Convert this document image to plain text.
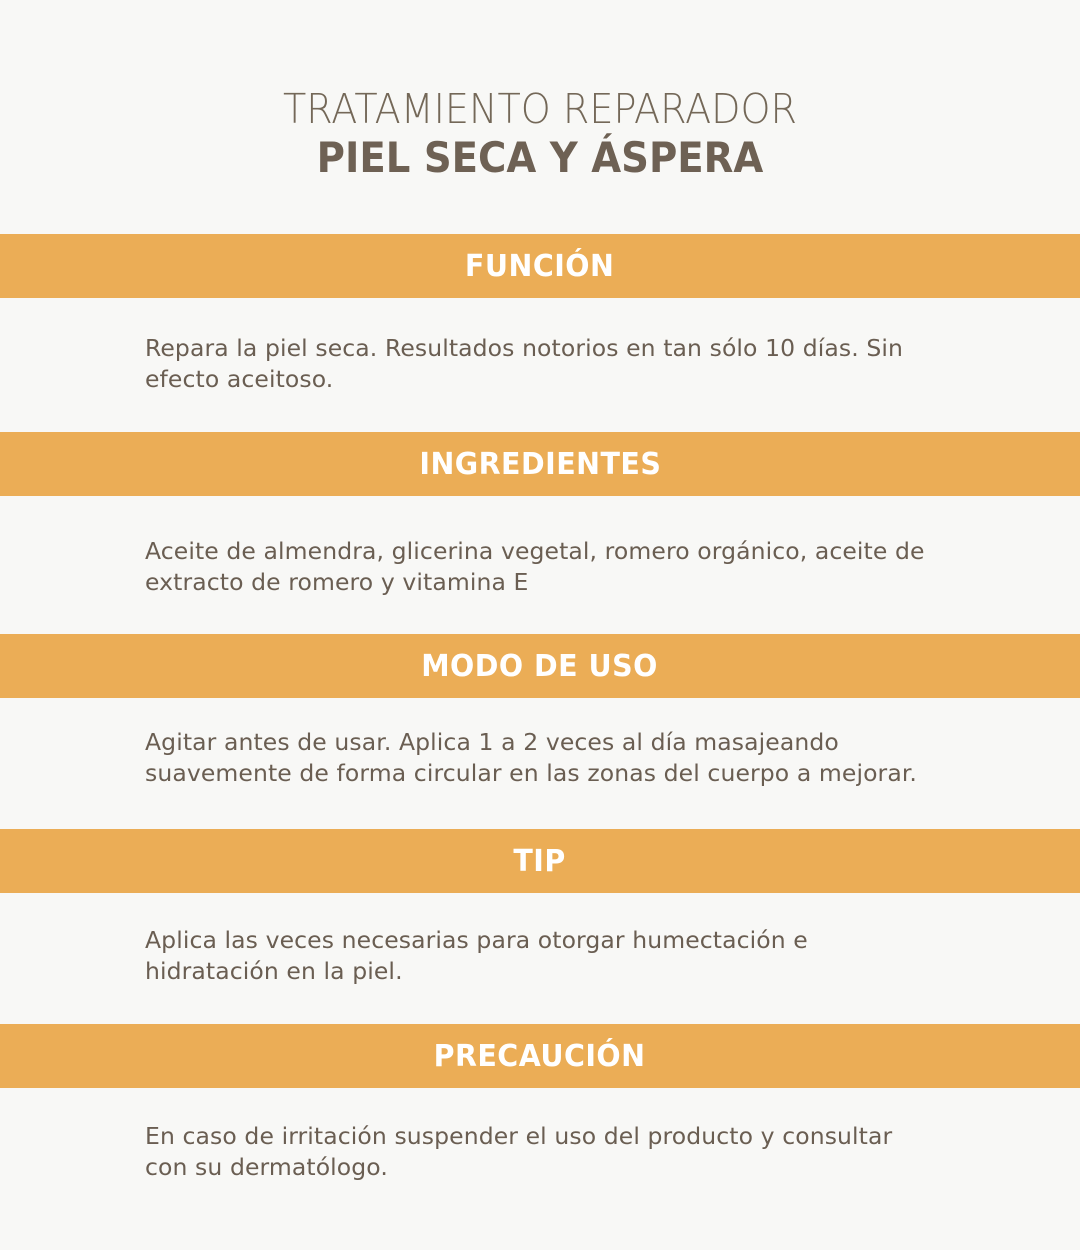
TRATAMIENTO REPARADOR
PIEL SECA Y ÁSPERA
FUNCIÓN
Repara la piel seca. Resultados notorios en tan sólo 10 días. Sin efecto aceitoso.
INGREDIENTES
Aceite de almendra, glicerina vegetal, romero orgánico, aceite de extracto de romero y vitamina E
MODO DE USO
Agitar antes de usar. Aplica 1 a 2 veces al día masajeando suavemente de forma circular en las zonas del cuerpo a mejorar.
TIP
Aplica las veces necesarias para otorgar humectación e hidratación en la piel.
PRECAUCIÓN
En caso de irritación suspender el uso del producto y consultar con su dermatólogo.
